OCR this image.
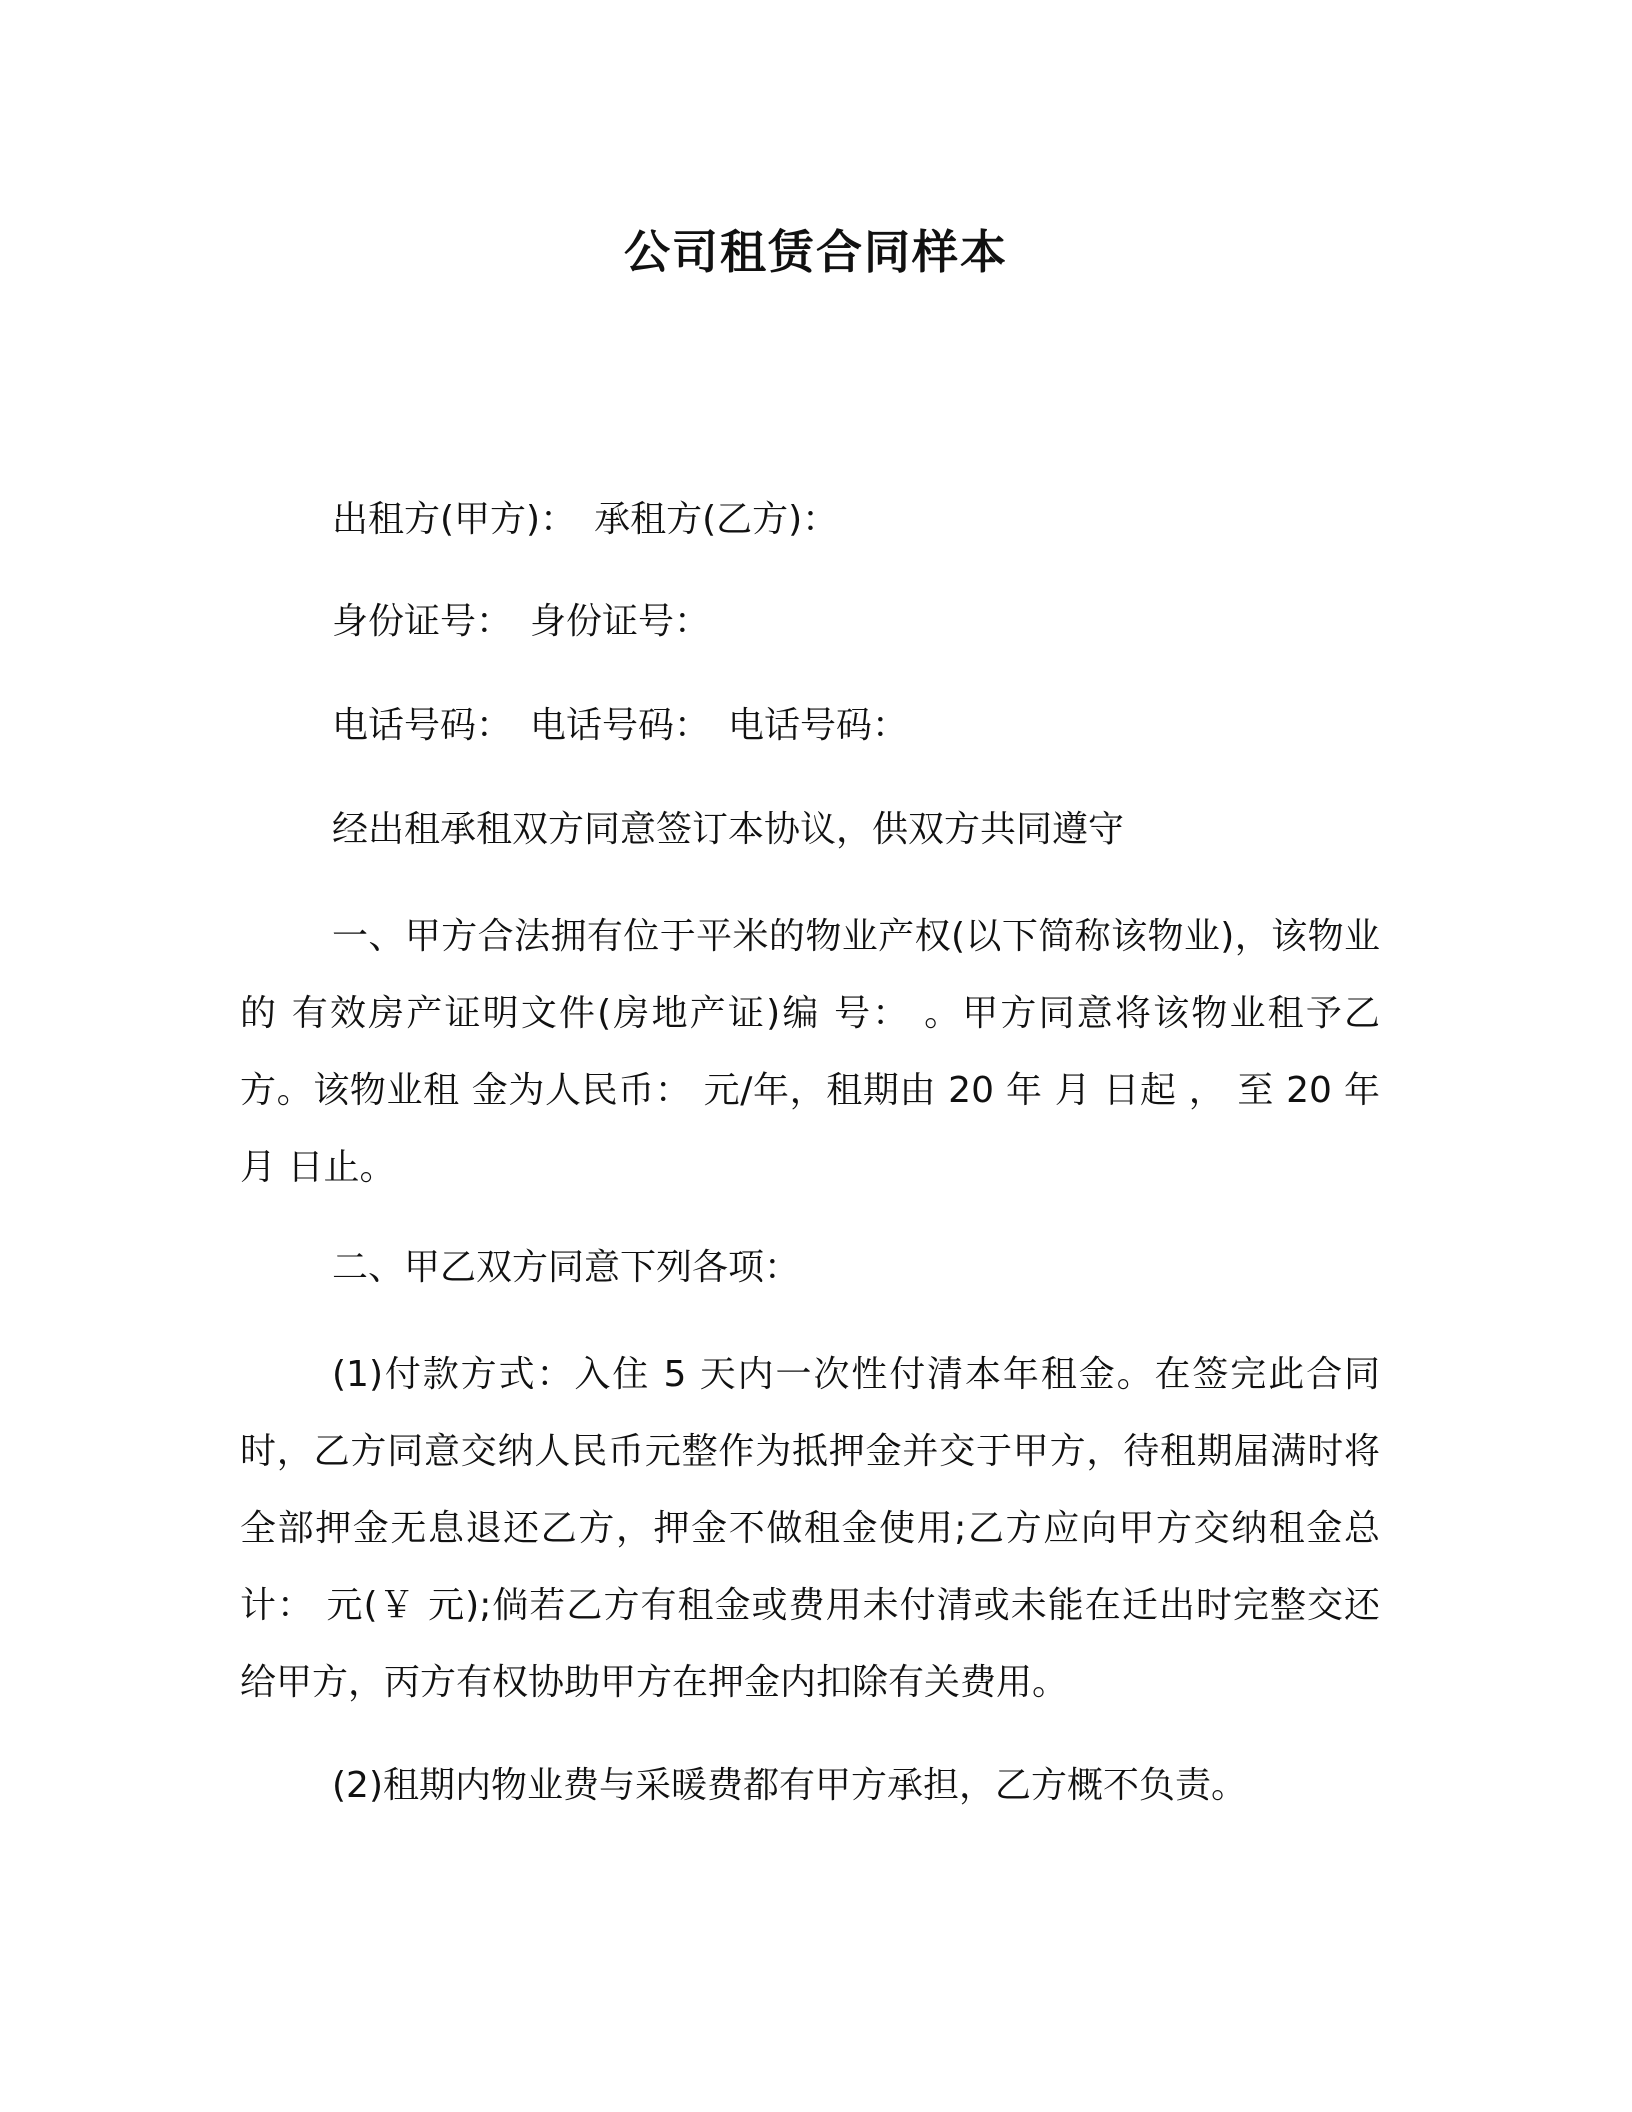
公司租赁合同样本

出租方(甲方)： 承租方(乙方)：

身份证号： 身份证号：

电话号码： 电话号码： 电话号码：

经出租承租双方同意签订本协议，供双方共同遵守

一、甲方合法拥有位于平米的物业产权(以下简称该物业)，该物业的 有效房产证明文件(房地产证)编 号： 。甲方同意将该物业租予乙方。该物业租 金为人民币： 元/年，租期由 20 年 月 日起 ， 至 20 年 月 日止。

二、甲乙双方同意下列各项：

(1)付款方式：入住 5 天内一次性付清本年租金。在签完此合同时，乙方同意交纳人民币元整作为抵押金并交于甲方，待租期届满时将全部押金无息退还乙方，押金不做租金使用;乙方应向甲方交纳租金总计： 元(￥ 元);倘若乙方有租金或费用未付清或未能在迁出时完整交还给甲方，丙方有权协助甲方在押金内扣除有关费用。

(2)租期内物业费与采暖费都有甲方承担，乙方概不负责。
